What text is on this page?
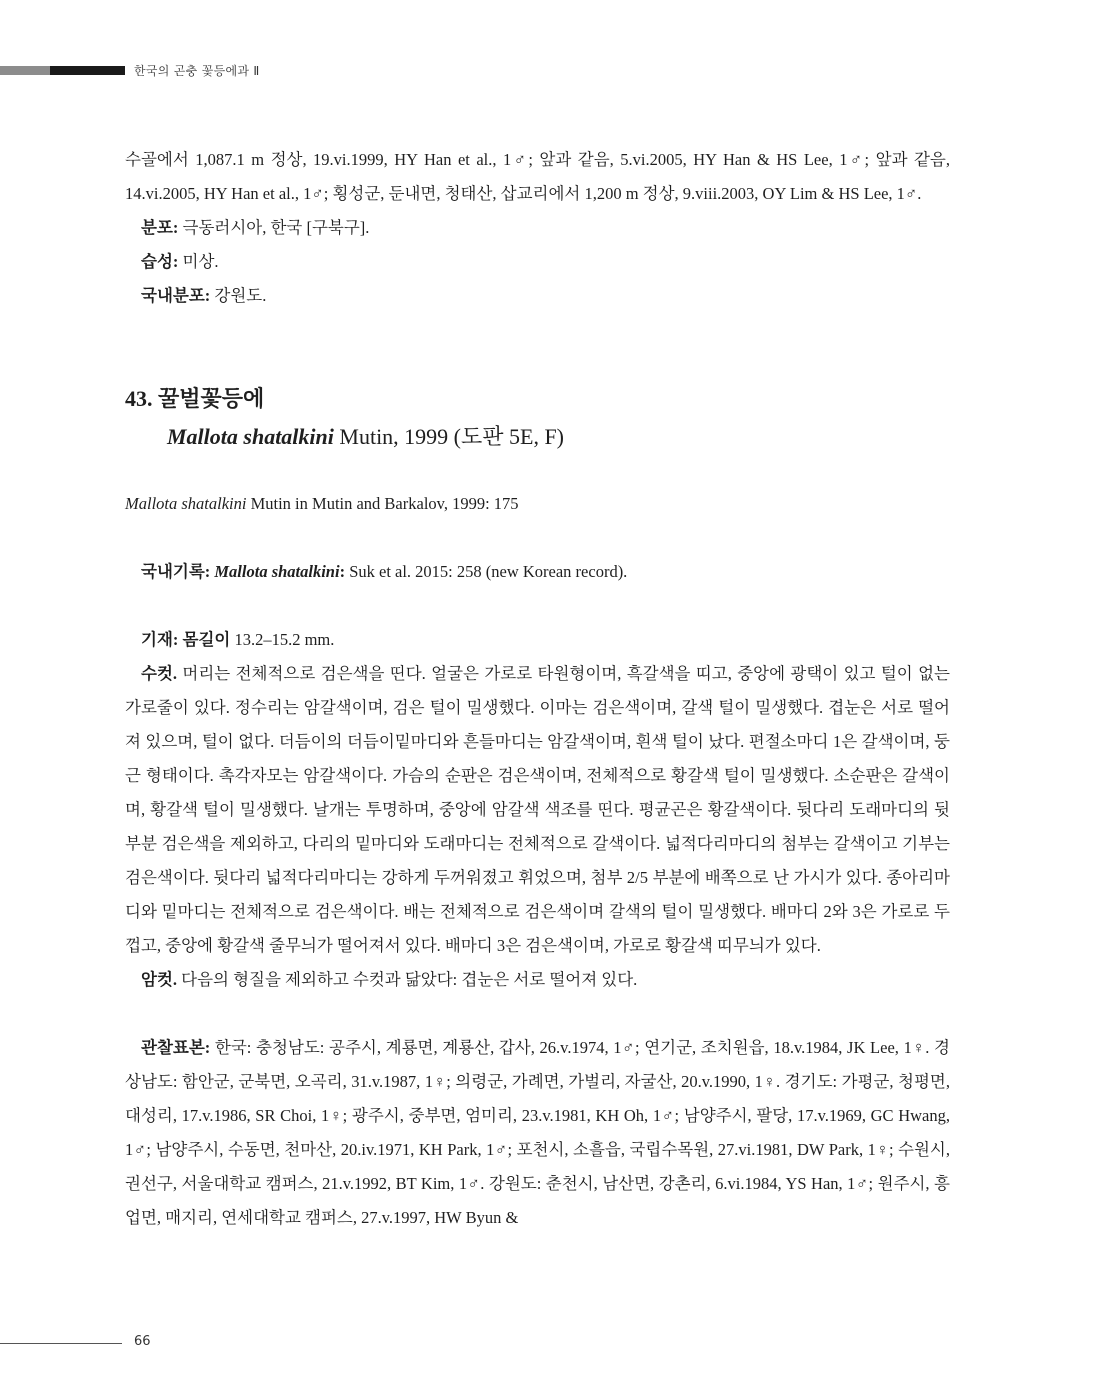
한국의 곤충 꽃등에과 Ⅱ

수골에서 1,087.1 m 정상, 19.vi.1999, HY Han et al., 1♂; 앞과 같음, 5.vi.2005, HY Han & HS Lee, 1♂; 앞과 같음, 14.vi.2005, HY Han et al., 1♂; 횡성군, 둔내면, 청태산, 삽교리에서 1,200 m 정상, 9.viii.2003, OY Lim & HS Lee, 1♂.

분포: 극동러시아, 한국 [구북구].

습성: 미상.

국내분포: 강원도.

43. 꿀벌꽃등에

Mallota shatalkini Mutin, 1999 (도판 5E, F)

Mallota shatalkini Mutin in Mutin and Barkalov, 1999: 175

국내기록: Mallota shatalkini: Suk et al. 2015: 258 (new Korean record).

기재: 몸길이 13.2–15.2 mm.

수컷. 머리는 전체적으로 검은색을 띤다. 얼굴은 가로로 타원형이며, 흑갈색을 띠고, 중앙에 광택이 있고 털이 없는 가로줄이 있다. 정수리는 암갈색이며, 검은 털이 밀생했다. 이마는 검은색이며, 갈색 털이 밀생했다. 겹눈은 서로 떨어져 있으며, 털이 없다. 더듬이의 더듬이밑마디와 흔들마디는 암갈색이며, 흰색 털이 났다. 편절소마디 1은 갈색이며, 둥근 형태이다. 촉각자모는 암갈색이다. 가슴의 순판은 검은색이며, 전체적으로 황갈색 털이 밀생했다. 소순판은 갈색이며, 황갈색 털이 밀생했다. 날개는 투명하며, 중앙에 암갈색 색조를 띤다. 평균곤은 황갈색이다. 뒷다리 도래마디의 뒷부분 검은색을 제외하고, 다리의 밑마디와 도래마디는 전체적으로 갈색이다. 넓적다리마디의 첨부는 갈색이고 기부는 검은색이다. 뒷다리 넓적다리마디는 강하게 두꺼워졌고 휘었으며, 첨부 2/5 부분에 배쪽으로 난 가시가 있다. 종아리마디와 밑마디는 전체적으로 검은색이다. 배는 전체적으로 검은색이며 갈색의 털이 밀생했다. 배마디 2와 3은 가로로 두껍고, 중앙에 황갈색 줄무늬가 떨어져서 있다. 배마디 3은 검은색이며, 가로로 황갈색 띠무늬가 있다.

암컷. 다음의 형질을 제외하고 수컷과 닮았다: 겹눈은 서로 떨어져 있다.

관찰표본: 한국: 충청남도: 공주시, 계룡면, 계룡산, 갑사, 26.v.1974, 1♂; 연기군, 조치원읍, 18.v.1984, JK Lee, 1♀. 경상남도: 함안군, 군북면, 오곡리, 31.v.1987, 1♀; 의령군, 가례면, 가벌리, 자굴산, 20.v.1990, 1♀. 경기도: 가평군, 청평면, 대성리, 17.v.1986, SR Choi, 1♀; 광주시, 중부면, 엄미리, 23.v.1981, KH Oh, 1♂; 남양주시, 팔당, 17.v.1969, GC Hwang, 1♂; 남양주시, 수동면, 천마산, 20.iv.1971, KH Park, 1♂; 포천시, 소흘읍, 국립수목원, 27.vi.1981, DW Park, 1♀; 수원시, 권선구, 서울대학교 캠퍼스, 21.v.1992, BT Kim, 1♂. 강원도: 춘천시, 남산면, 강촌리, 6.vi.1984, YS Han, 1♂; 원주시, 흥업면, 매지리, 연세대학교 캠퍼스, 27.v.1997, HW Byun &

66
